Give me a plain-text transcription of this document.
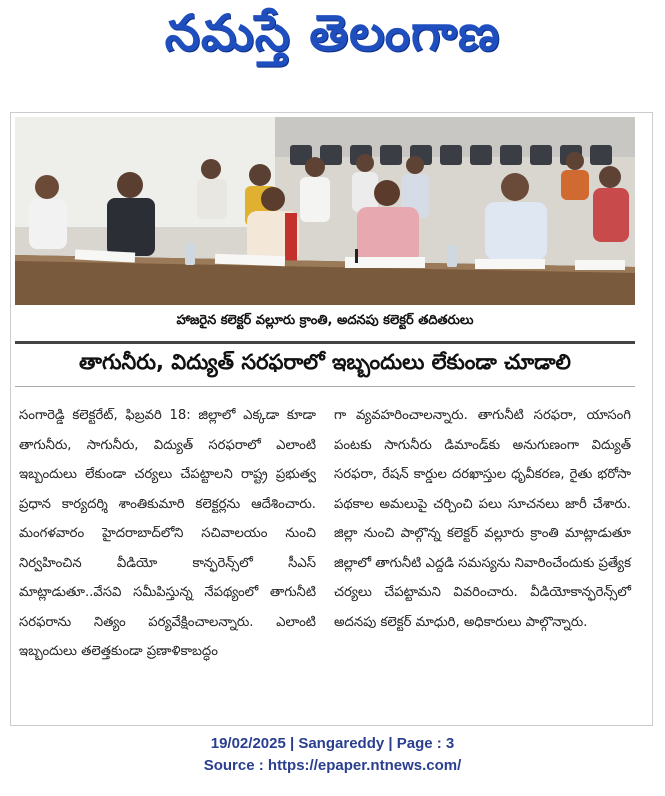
నమస్తే తెలంగాణ
హాజరైన కలెక్టర్ వల్లూరు క్రాంతి, అదనపు కలెక్టర్ తదితరులు
తాగునీరు, విద్యుత్ సరఫరాలో ఇబ్బందులు లేకుండా చూడాలి

సంగారెడ్డి కలెక్టరేట్, ఫిబ్రవరి 18: జిల్లాలో ఎక్కడా కూడా తాగునీరు, సాగునీరు, విద్యుత్ సరఫరాలో ఎలాంటి ఇబ్బందులు లేకుండా చర్యలు చేపట్టాలని రాష్ట్ర ప్రభుత్వ ప్రధాన కార్యదర్శి శాంతికుమారి కలెక్టర్లను ఆదేశించారు. మంగళవారం హైదరాబాద్‌లోని సచివాలయం నుంచి నిర్వహించిన వీడియో కాన్ఫరెన్స్‌లో సీఎస్ మాట్లాడుతూ..వేసవి సమీపిస్తున్న నేపథ్యంలో తాగునీటి సరఫరాను నిత్యం పర్యవేక్షించాలన్నారు. ఎలాంటి ఇబ్బందులు తలెత్తకుండా ప్రణాళికాబద్ధం

గా వ్యవహరించాలన్నారు. తాగునీటి సరఫరా, యాసంగి పంటకు సాగునీరు డిమాండ్‌కు అనుగుణంగా విద్యుత్ సరఫరా, రేషన్ కార్డుల దరఖాస్తుల ధృవీకరణ, రైతు భరోసా పథకాల అమలుపై చర్చించి పలు సూచనలు జారీ చేశారు. జిల్లా నుంచి పాల్గొన్న కలెక్టర్ వల్లూరు క్రాంతి మాట్లాడుతూ జిల్లాలో తాగునీటి ఎద్దడి సమస్యను నివారించేందుకు ప్రత్యేక చర్యలు చేపట్టామని వివరించారు. వీడియోకాన్ఫరెన్స్‌లో అదనపు కలెక్టర్ మాధురి, అధికారులు పాల్గొన్నారు.

19/02/2025 | Sangareddy | Page : 3
Source : https://epaper.ntnews.com/
